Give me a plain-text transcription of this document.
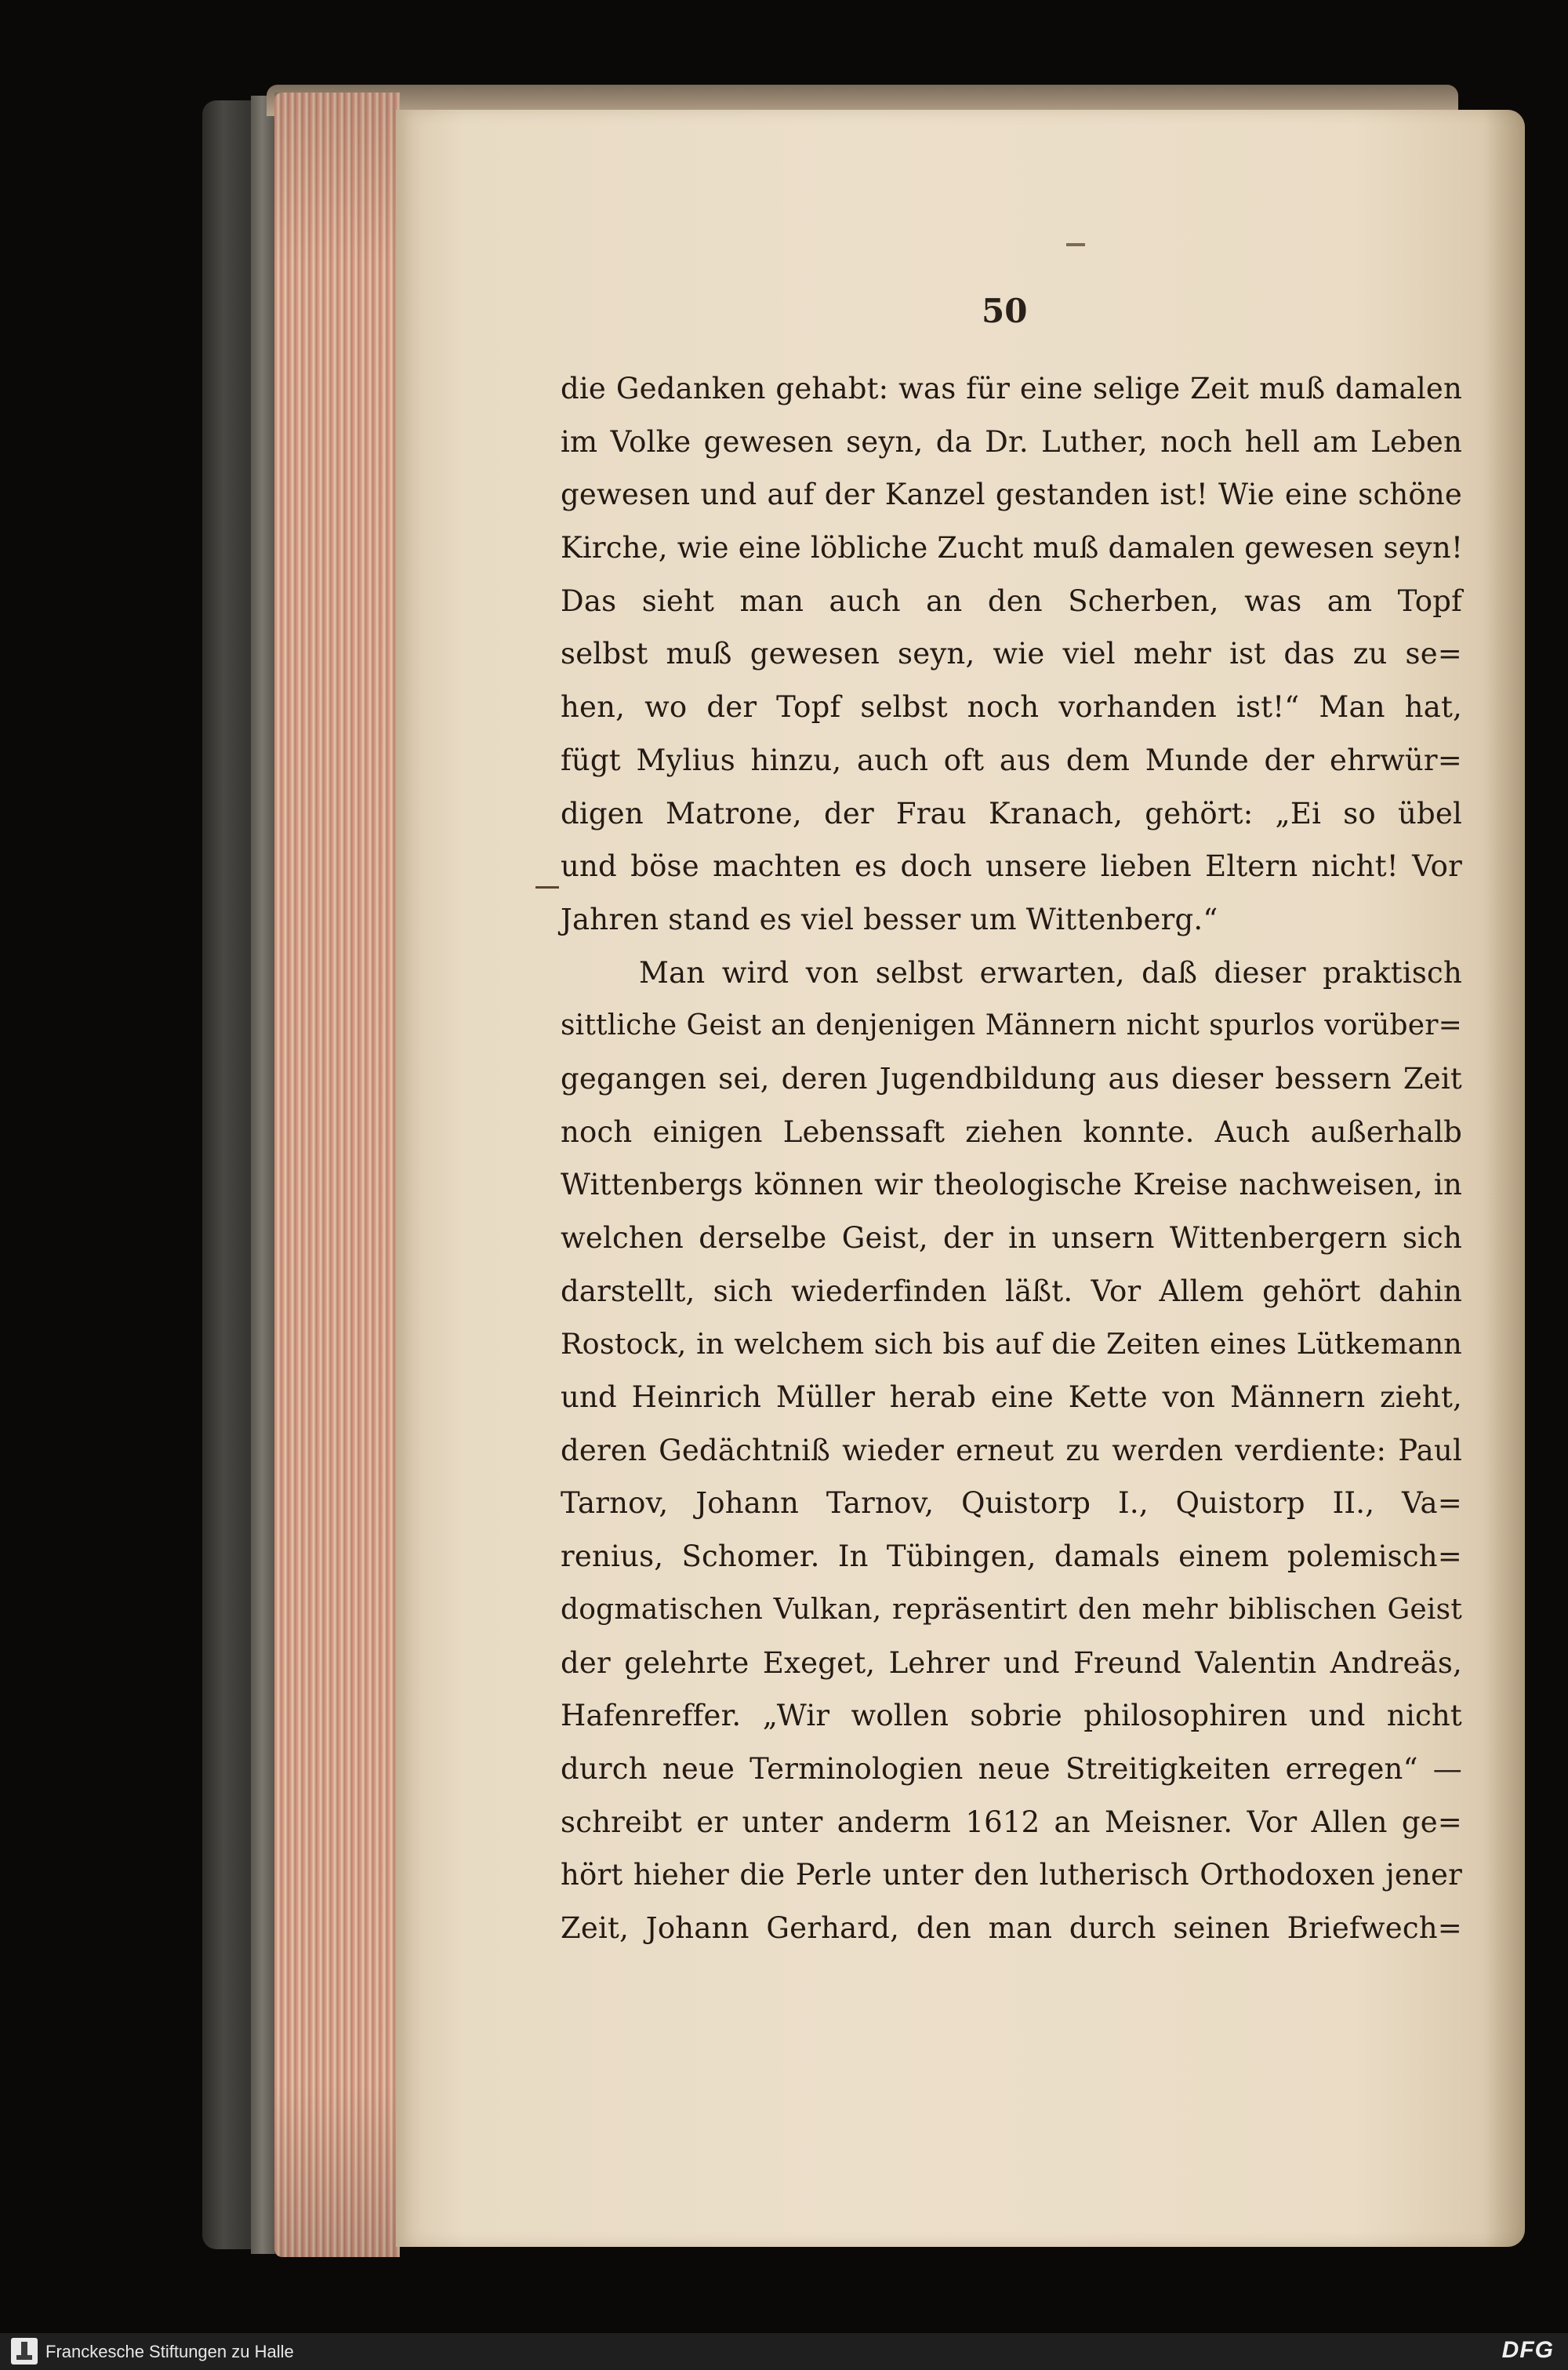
50
die Gedanken gehabt: was für eine selige Zeit muß damalen
im Volke gewesen seyn, da Dr. Luther, noch hell am Leben
gewesen und auf der Kanzel gestanden ist! Wie eine schöne
Kirche, wie eine löbliche Zucht muß damalen gewesen seyn!
Das sieht man auch an den Scherben, was am Topf
selbst muß gewesen seyn, wie viel mehr ist das zu se=
hen, wo der Topf selbst noch vorhanden ist!“ Man hat,
fügt Mylius hinzu, auch oft aus dem Munde der ehrwür=
digen Matrone, der Frau Kranach, gehört: „Ei so übel
und böse machten es doch unsere lieben Eltern nicht! Vor
Jahren stand es viel besser um Wittenberg.“
Man wird von selbst erwarten, daß dieser praktisch
sittliche Geist an denjenigen Männern nicht spurlos vorüber=
gegangen sei, deren Jugendbildung aus dieser bessern Zeit
noch einigen Lebenssaft ziehen konnte. Auch außerhalb
Wittenbergs können wir theologische Kreise nachweisen, in
welchen derselbe Geist, der in unsern Wittenbergern sich
darstellt, sich wiederfinden läßt. Vor Allem gehört dahin
Rostock, in welchem sich bis auf die Zeiten eines Lütkemann
und Heinrich Müller herab eine Kette von Männern zieht,
deren Gedächtniß wieder erneut zu werden verdiente: Paul
Tarnov, Johann Tarnov, Quistorp I., Quistorp II., Va=
renius, Schomer. In Tübingen, damals einem polemisch=
dogmatischen Vulkan, repräsentirt den mehr biblischen Geist
der gelehrte Exeget, Lehrer und Freund Valentin Andreäs,
Hafenreffer. „Wir wollen sobrie philosophiren und nicht
durch neue Terminologien neue Streitigkeiten erregen“ —
schreibt er unter anderm 1612 an Meisner. Vor Allen ge=
hört hieher die Perle unter den lutherisch Orthodoxen jener
Zeit, Johann Gerhard, den man durch seinen Briefwech=
Franckesche Stiftungen zu Halle	DFG
